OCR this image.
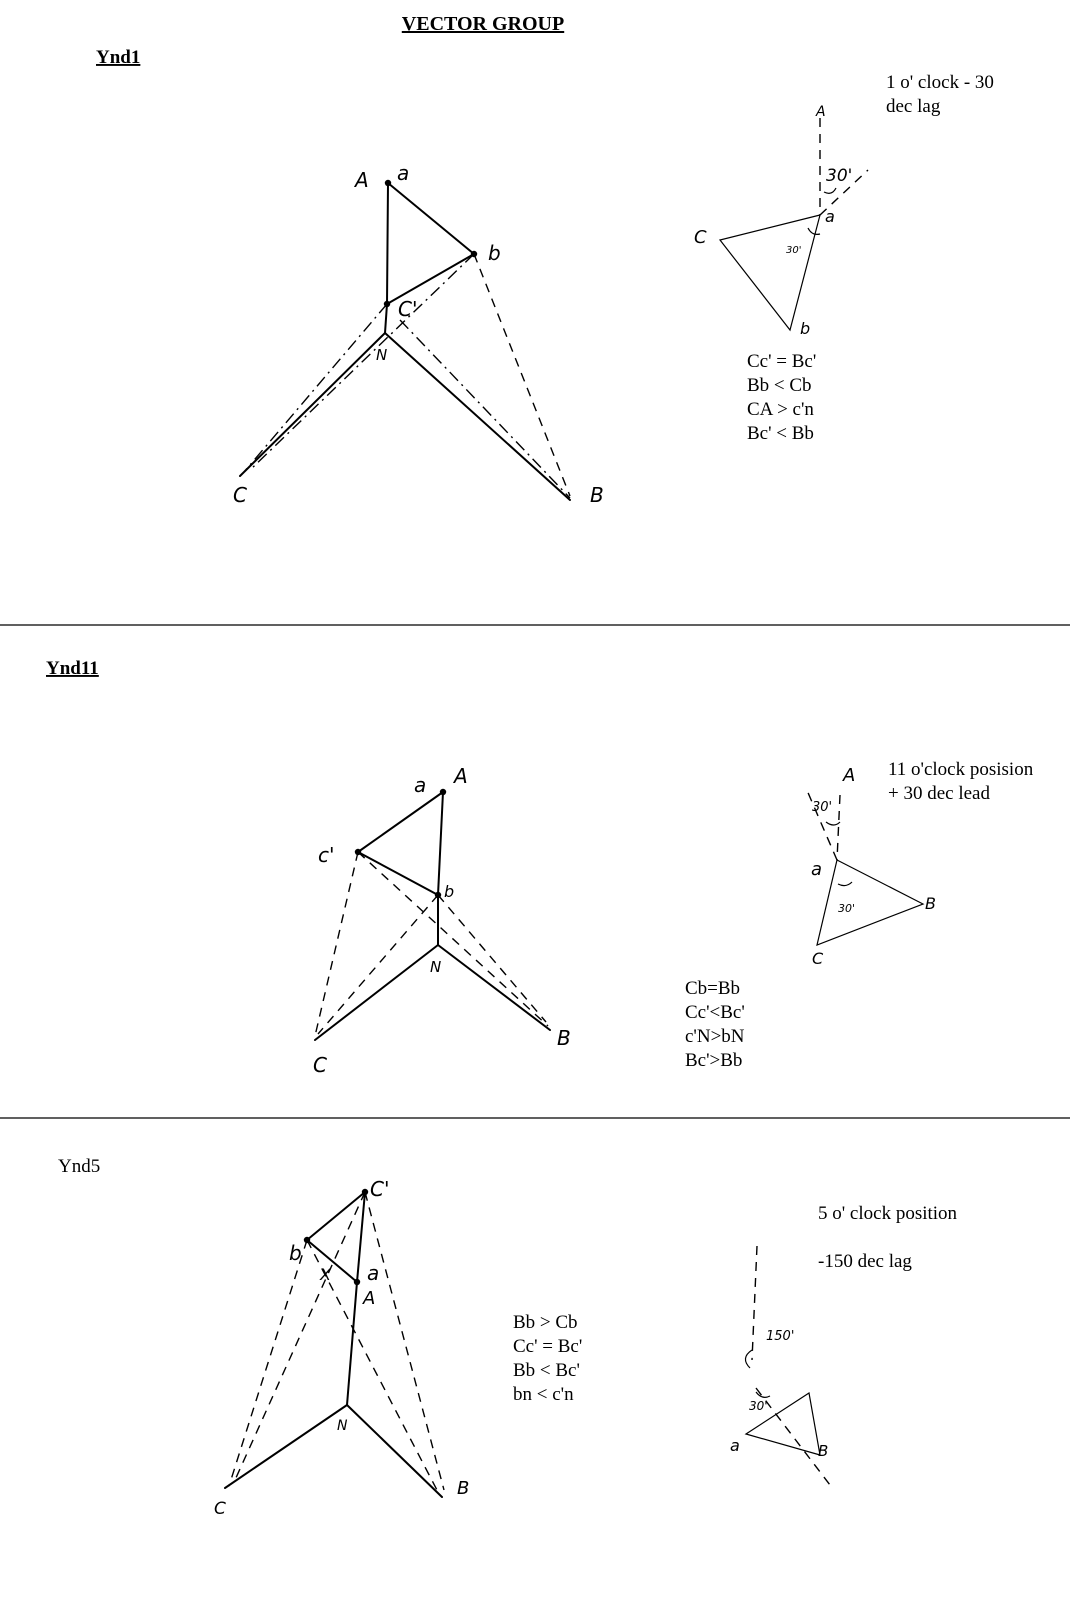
VECTOR GROUP
Ynd1
A a
b
C'
N
B
C
A
a
b
C
30'
30'
1 o' clock - 30
dec lag
Cc' = Bc'
Bb < Cb
CA > c'n
Bc' < Bb
Ynd11
a A
c'
b
N
B
C
A
a
B
C
30'
30'
11 o'clock posision
+ 30 dec lead
Cb=Bb
Cc'<Bc'
c'N>bN
Bc'>Bb
Ynd5
C'
b
a
A
X
N
B
C
a	B
150'
30'
5 o' clock position
-150 dec lag
Bb > Cb
Cc' = Bc'
Bb < Bc'
bn < c'n
